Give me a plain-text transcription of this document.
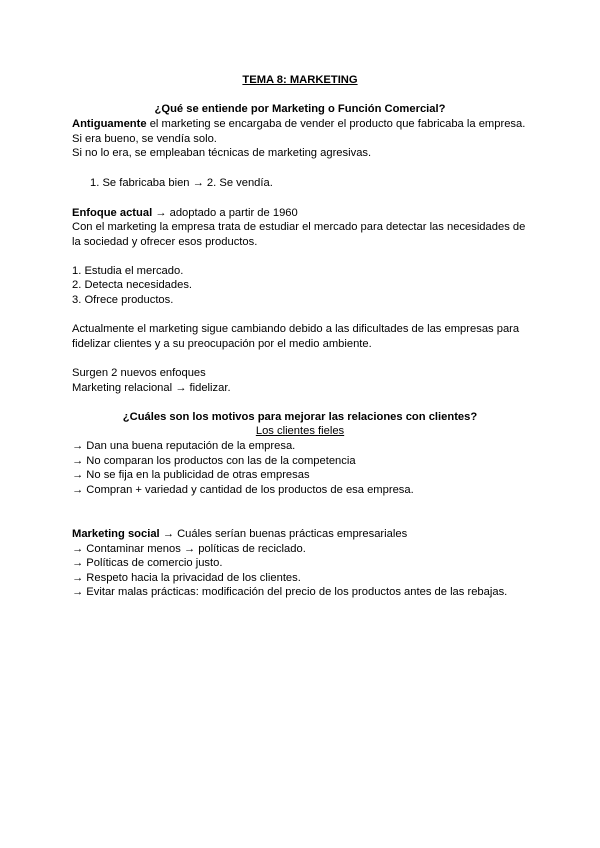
TEMA 8: MARKETING
¿Qué se entiende por Marketing o Función Comercial?
Antiguamente el marketing se encargaba de vender el producto que fabricaba la empresa.
Si era bueno, se vendía solo.
Si no lo era, se empleaban técnicas de marketing agresivas.
1. Se fabricaba bien → 2. Se vendía.
Enfoque actual → adoptado a partir de 1960
Con el marketing la empresa trata de estudiar el mercado para detectar las necesidades de
la sociedad y ofrecer esos productos.
1. Estudia el mercado.
2. Detecta necesidades.
3. Ofrece productos.
Actualmente el marketing sigue cambiando debido a las dificultades de las empresas para
fidelizar clientes y a su preocupación por el medio ambiente.
Surgen 2 nuevos enfoques
Marketing relacional → fidelizar.
¿Cuáles son los motivos para mejorar las relaciones con clientes?
Los clientes fieles
→ Dan una buena reputación de la empresa.
→ No comparan los productos con las de la competencia
→ No se fija en la publicidad de otras empresas
→ Compran + variedad y cantidad de los productos de esa empresa.
Marketing social → Cuáles serían buenas prácticas empresariales
→ Contaminar menos → políticas de reciclado.
→ Políticas de comercio justo.
→ Respeto hacia la privacidad de los clientes.
→ Evitar malas prácticas: modificación del precio de los productos antes de las rebajas.
